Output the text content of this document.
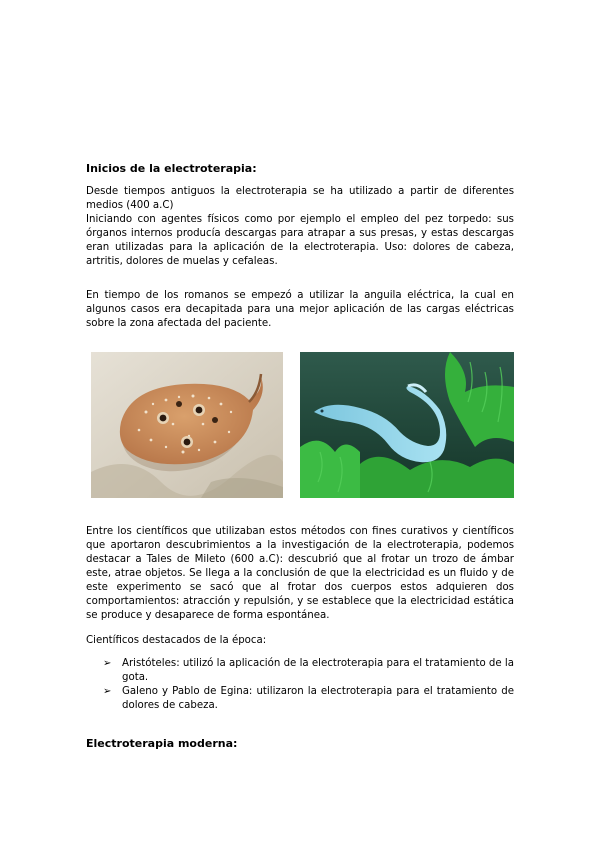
Inicios de la electroterapia:

Desde tiempos antiguos la electroterapia se ha utilizado a partir de diferentes medios (400 a.C)

Iniciando con agentes físicos como por ejemplo el empleo del pez torpedo: sus órganos internos producía descargas para atrapar a sus presas, y estas descargas eran utilizadas para la aplicación de la electroterapia. Uso: dolores de cabeza, artritis, dolores de muelas y cefaleas.

En tiempo de los romanos se empezó a utilizar la anguila eléctrica, la cual en algunos casos era decapitada para una mejor aplicación de las cargas eléctricas sobre la zona afectada del paciente.

Entre los científicos que utilizaban estos métodos con fines curativos y científicos que aportaron descubrimientos a la investigación de la electroterapia, podemos destacar a Tales de Mileto (600 a.C): descubrió que al frotar un trozo de ámbar este, atrae objetos. Se llega a la conclusión de que la electricidad es un fluido y de este experimento se sacó que al frotar dos cuerpos estos adquieren dos comportamientos: atracción y repulsión, y se establece que la electricidad estática se produce y desaparece de forma espontánea.

Científicos destacados de la época:

➢ Aristóteles: utilizó la aplicación de la electroterapia para el tratamiento de la gota.
➢ Galeno y Pablo de Egina: utilizaron la electroterapia para el tratamiento de dolores de cabeza.
Electroterapia moderna:
